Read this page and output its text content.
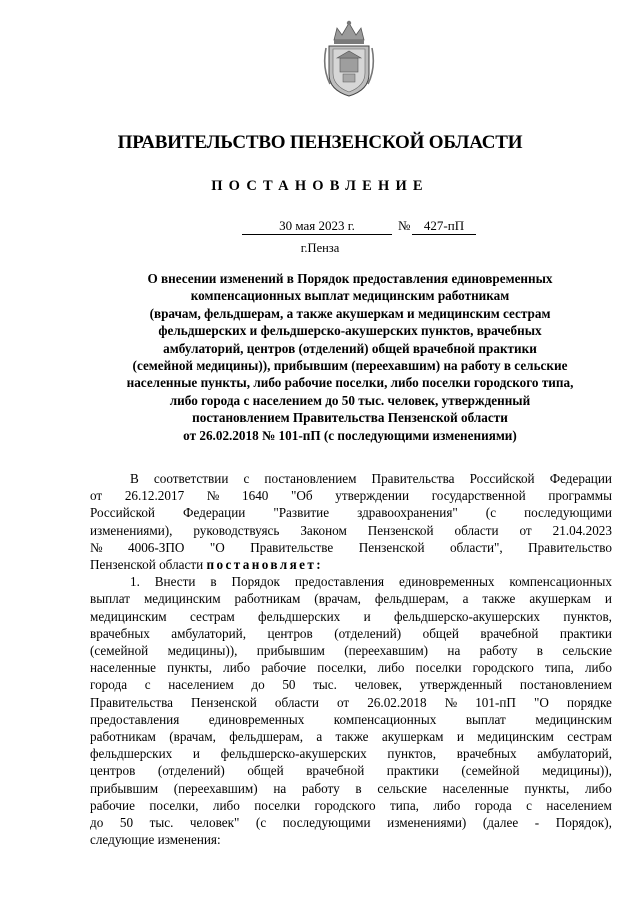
ПРАВИТЕЛЬСТВО ПЕНЗЕНСКОЙ ОБЛАСТИ
ПОСТАНОВЛЕНИЕ
30 мая 2023 г.	№	427-пП
г.Пенза
О внесении изменений в Порядок предоставления единовременных
компенсационных выплат медицинским работникам
(врачам, фельдшерам, а также акушеркам и медицинским сестрам
фельдшерских и фельдшерско-акушерских пунктов, врачебных
амбулаторий, центров (отделений) общей врачебной практики
(семейной медицины)), прибывшим (переехавшим) на работу в сельские
населенные пункты, либо рабочие поселки, либо поселки городского типа,
либо города с населением до 50 тыс. человек, утвержденный
постановлением Правительства Пензенской области
от 26.02.2018 № 101-пП (с последующими изменениями)
В соответствии с постановлением Правительства Российской Федерации
от 26.12.2017 № 1640 "Об утверждении государственной программы
Российской Федерации "Развитие здравоохранения" (с последующими
изменениями), руководствуясь Законом Пензенской области от 21.04.2023
№ 4006-ЗПО "О Правительстве Пензенской области", Правительство
Пензенской области
постановляет:
1. Внести в Порядок предоставления единовременных компенсационных
выплат медицинским работникам (врачам, фельдшерам, а также акушеркам и
медицинским сестрам фельдшерских и фельдшерско-акушерских пунктов,
врачебных амбулаторий, центров (отделений) общей врачебной практики
(семейной медицины)), прибывшим (переехавшим) на работу в сельские
населенные пункты, либо рабочие поселки, либо поселки городского типа, либо
города с населением до 50 тыс. человек, утвержденный постановлением
Правительства Пензенской области от 26.02.2018 № 101-пП "О порядке
предоставления единовременных компенсационных выплат медицинским
работникам (врачам, фельдшерам, а также акушеркам и медицинским сестрам
фельдшерских и фельдшерско-акушерских пунктов, врачебных амбулаторий,
центров (отделений) общей врачебной практики (семейной медицины)),
прибывшим (переехавшим) на работу в сельские населенные пункты, либо
рабочие поселки, либо поселки городского типа, либо города с населением
до 50 тыс. человек" (с последующими изменениями) (далее - Порядок),
следующие изменения:
